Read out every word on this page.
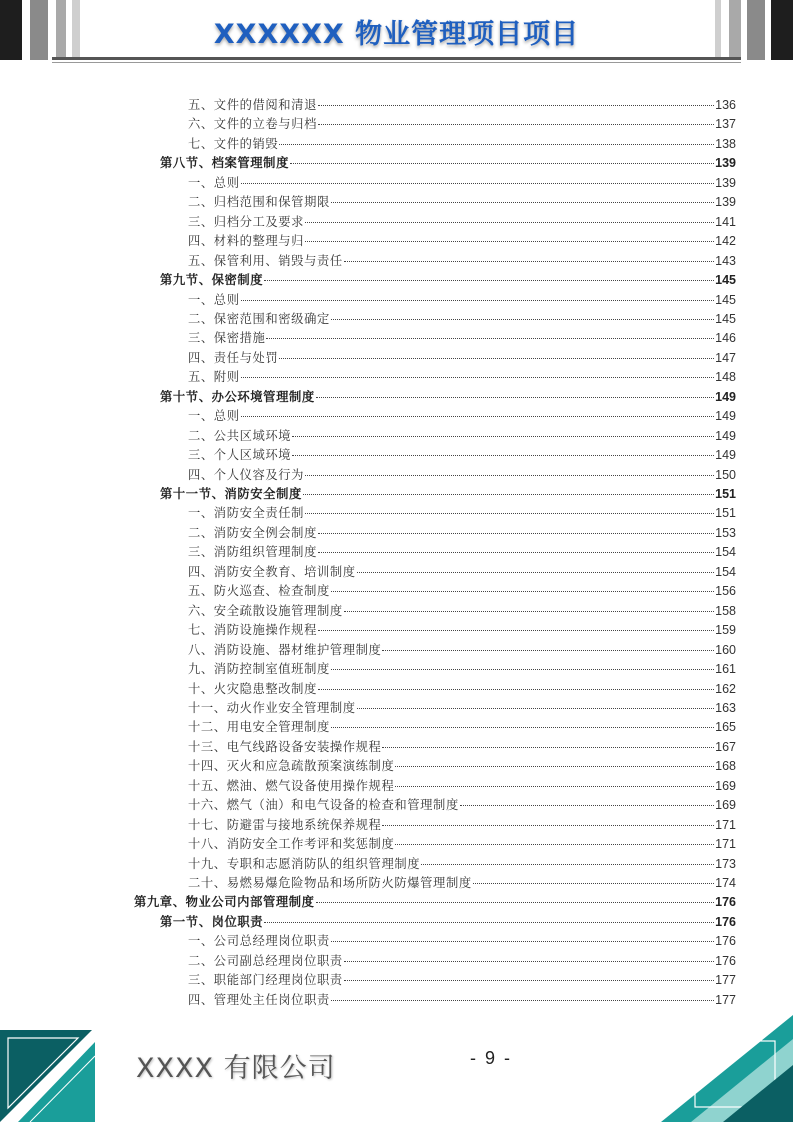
XXXXXX 物业管理项目项目
五、文件的借阅和清退	136
六、文件的立卷与归档	137
七、文件的销毁	138
第八节、档案管理制度	139
一、总则	139
二、归档范围和保管期限	139
三、归档分工及要求	141
四、材料的整理与归	142
五、保管利用、销毁与责任	143
第九节、保密制度	145
一、总则	145
二、保密范围和密级确定	145
三、保密措施	146
四、责任与处罚	147
五、附则	148
第十节、办公环境管理制度	149
一、总则	149
二、公共区域环境	149
三、个人区域环境	149
四、个人仪容及行为	150
第十一节、消防安全制度	151
一、消防安全责任制	151
二、消防安全例会制度	153
三、消防组织管理制度	154
四、消防安全教育、培训制度	154
五、防火巡查、检查制度	156
六、安全疏散设施管理制度	158
七、消防设施操作规程	159
八、消防设施、器材维护管理制度	160
九、消防控制室值班制度	161
十、火灾隐患整改制度	162
十一、动火作业安全管理制度	163
十二、用电安全管理制度	165
十三、电气线路设备安装操作规程	167
十四、灭火和应急疏散预案演练制度	168
十五、燃油、燃气设备使用操作规程	169
十六、燃气（油）和电气设备的检查和管理制度	169
十七、防避雷与接地系统保养规程	171
十八、消防安全工作考评和奖惩制度	171
十九、专职和志愿消防队的组织管理制度	173
二十、易燃易爆危险物品和场所防火防爆管理制度	174
第九章、物业公司内部管理制度	176
第一节、岗位职责	176
一、公司总经理岗位职责	176
二、公司副总经理岗位职责	176
三、职能部门经理岗位职责	177
四、管理处主任岗位职责	177
XXXX 有限公司	- 9 -
